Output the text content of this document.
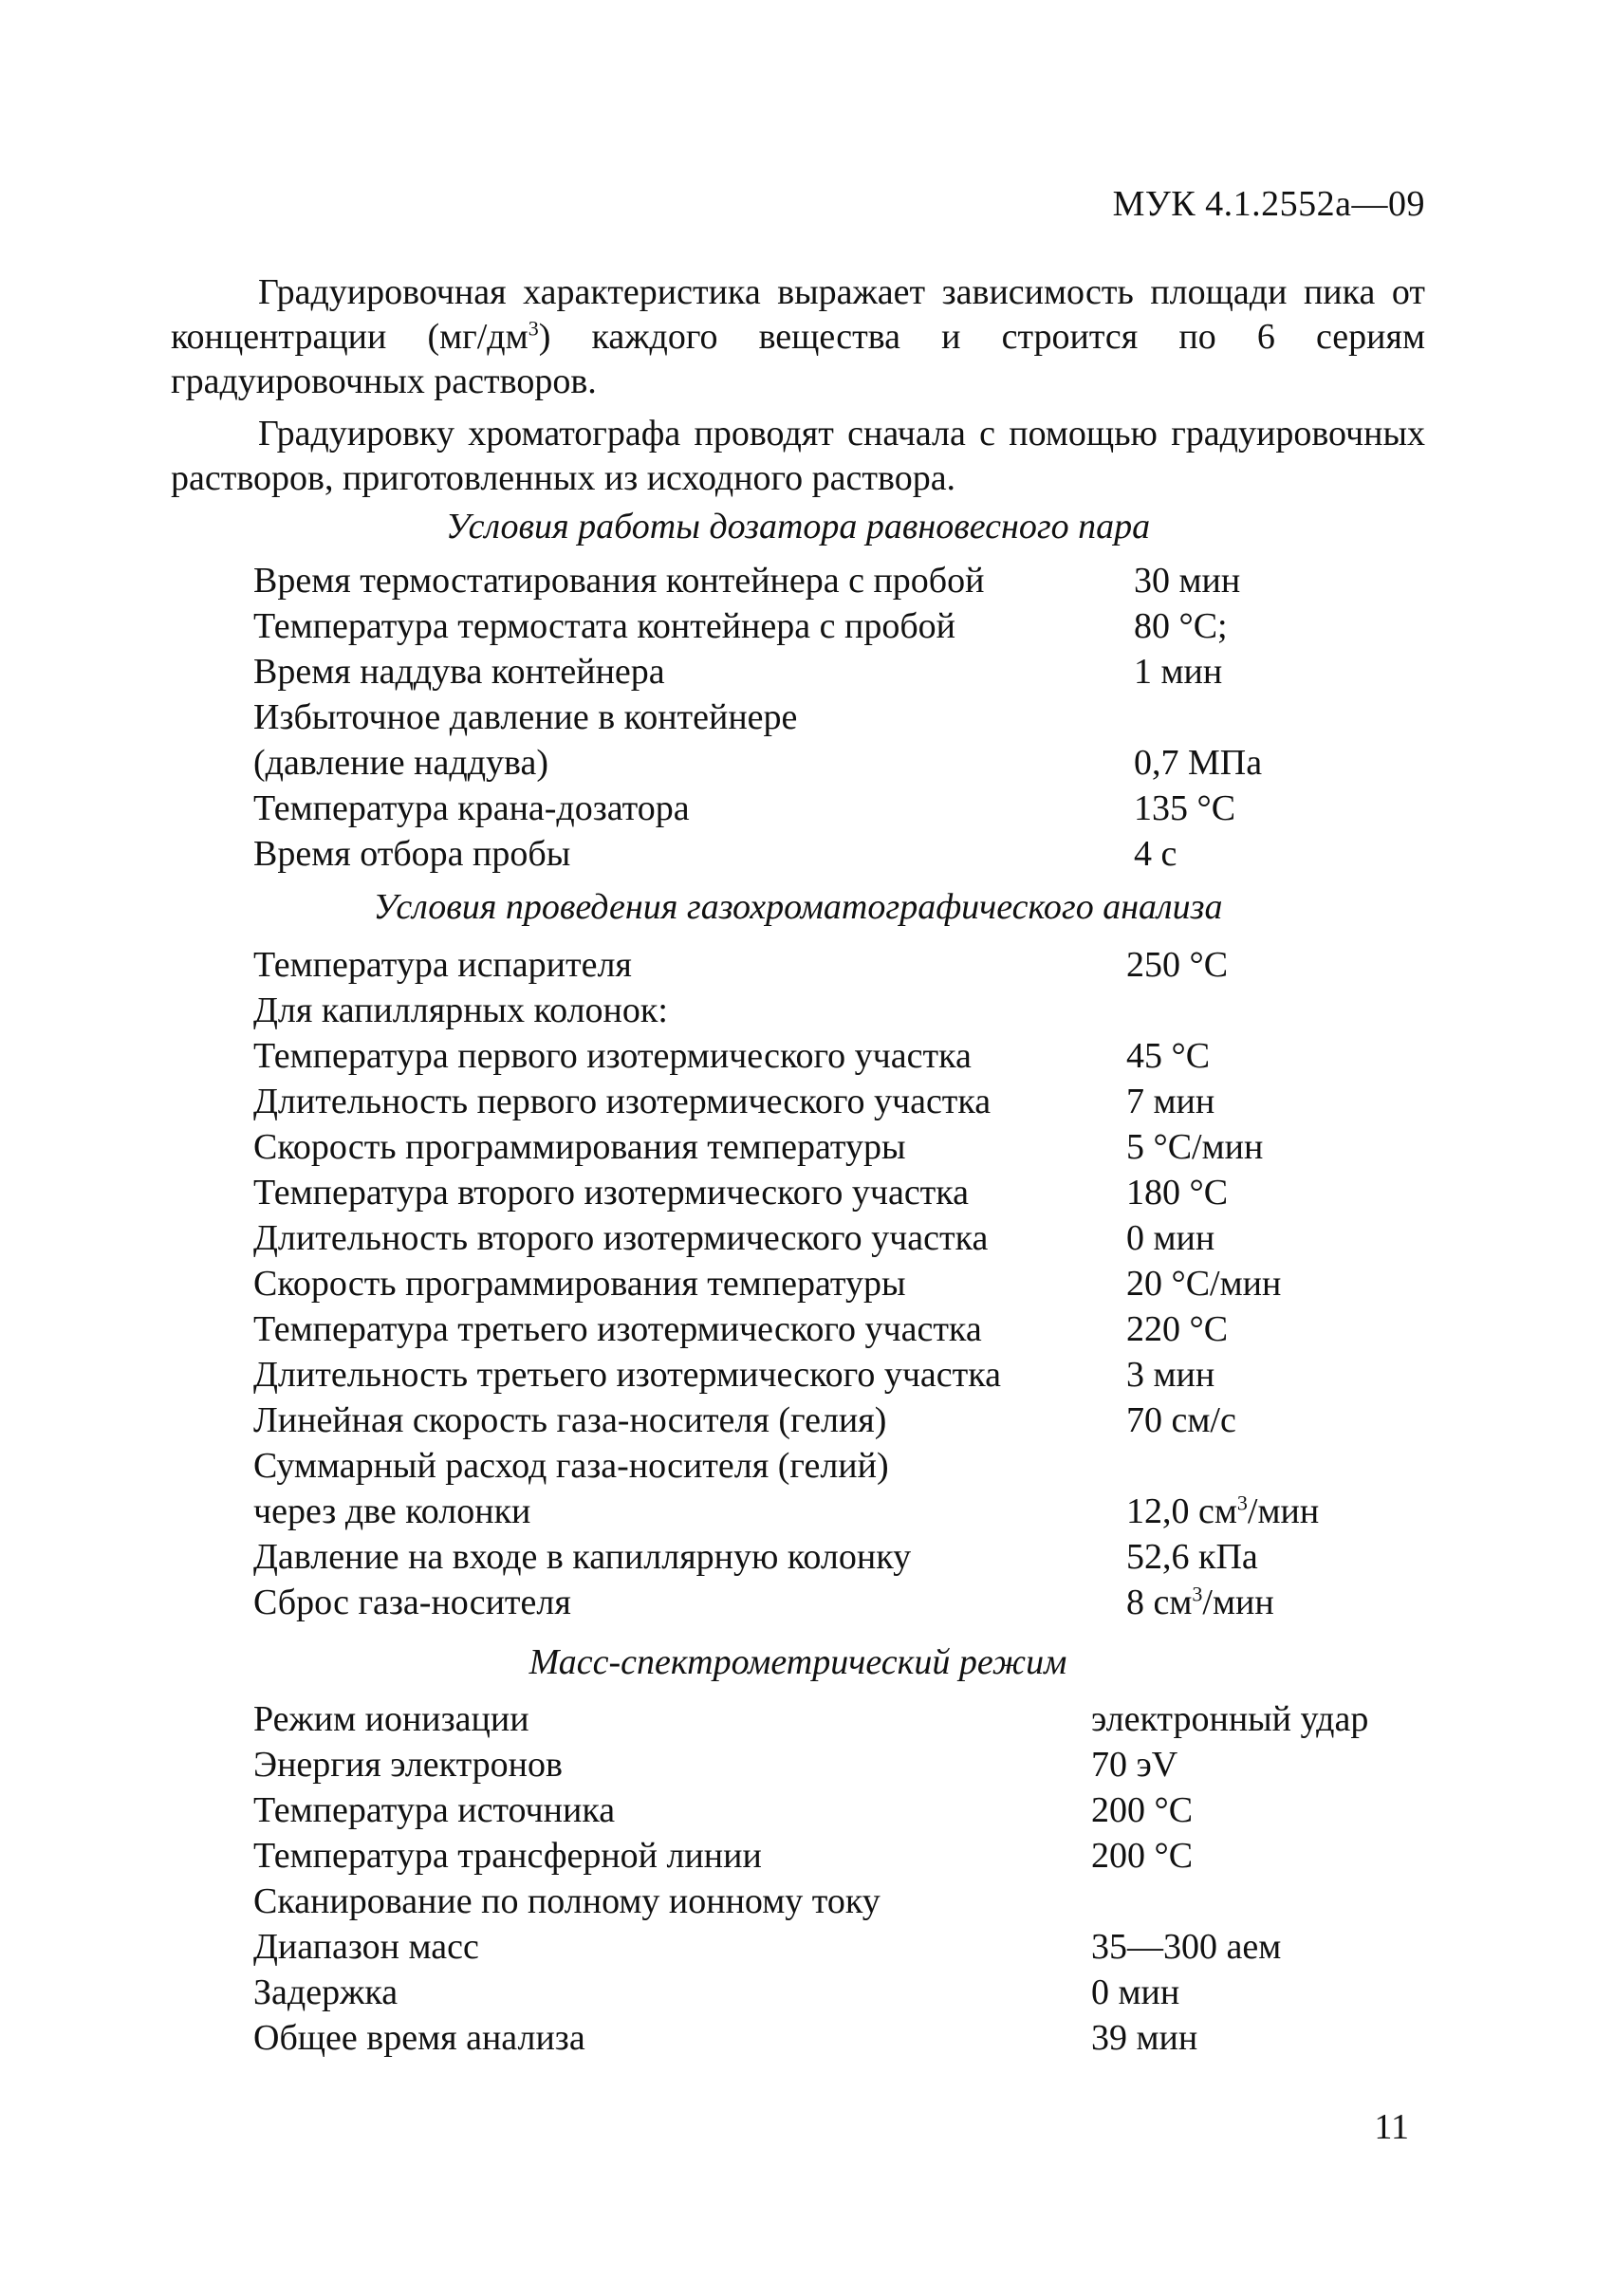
МУК 4.1.2552а—09

Градуировочная характеристика выражает зависимость площади пика от концентрации $(мг/дм^3)$ каждого вещества и строится по 6 сериям градуировочных растворов.

Градуировку хроматографа проводят сначала с помощью градуировочных растворов, приготовленных из исходного раствора.

Условия работы дозатора равновесного пара
Время термостатирования контейнера с пробой	30 мин
Температура термостата контейнера с пробой	80 °С;
Время наддува контейнера	1 мин
Избыточное давление в контейнере
(давление наддува)	0,7 МПа
Температура крана-дозатора	135 °С
Время отбора пробы	4 с
Условия проведения газохроматографического анализа
Температура испарителя	250 °С
Для капиллярных колонок:
Температура первого изотермического участка	45 °С
Длительность первого изотермического участка	7 мин
Скорость программирования температуры	5 °С/мин
Температура второго изотермического участка	180 °С
Длительность второго изотермического участка	0 мин
Скорость программирования температуры	20 °С/мин
Температура третьего изотермического участка	220 °С
Длительность третьего изотермического участка	3 мин
Линейная скорость газа-носителя (гелия)	70 см/с
Суммарный расход газа-носителя (гелий)
через две колонки	12,0 $см^3$/мин
Давление на входе в капиллярную колонку	52,6 кПа
Сброс газа-носителя	8 $см^3$/мин
Масс-спектрометрический режим
Режим ионизации	электронный удар
Энергия электронов	70 эV
Температура источника	200 °С
Температура трансферной линии	200 °С
Сканирование по полному ионному току
Диапазон масс	35—300 аем
Задержка	0 мин
Общее время анализа	39 мин
11
